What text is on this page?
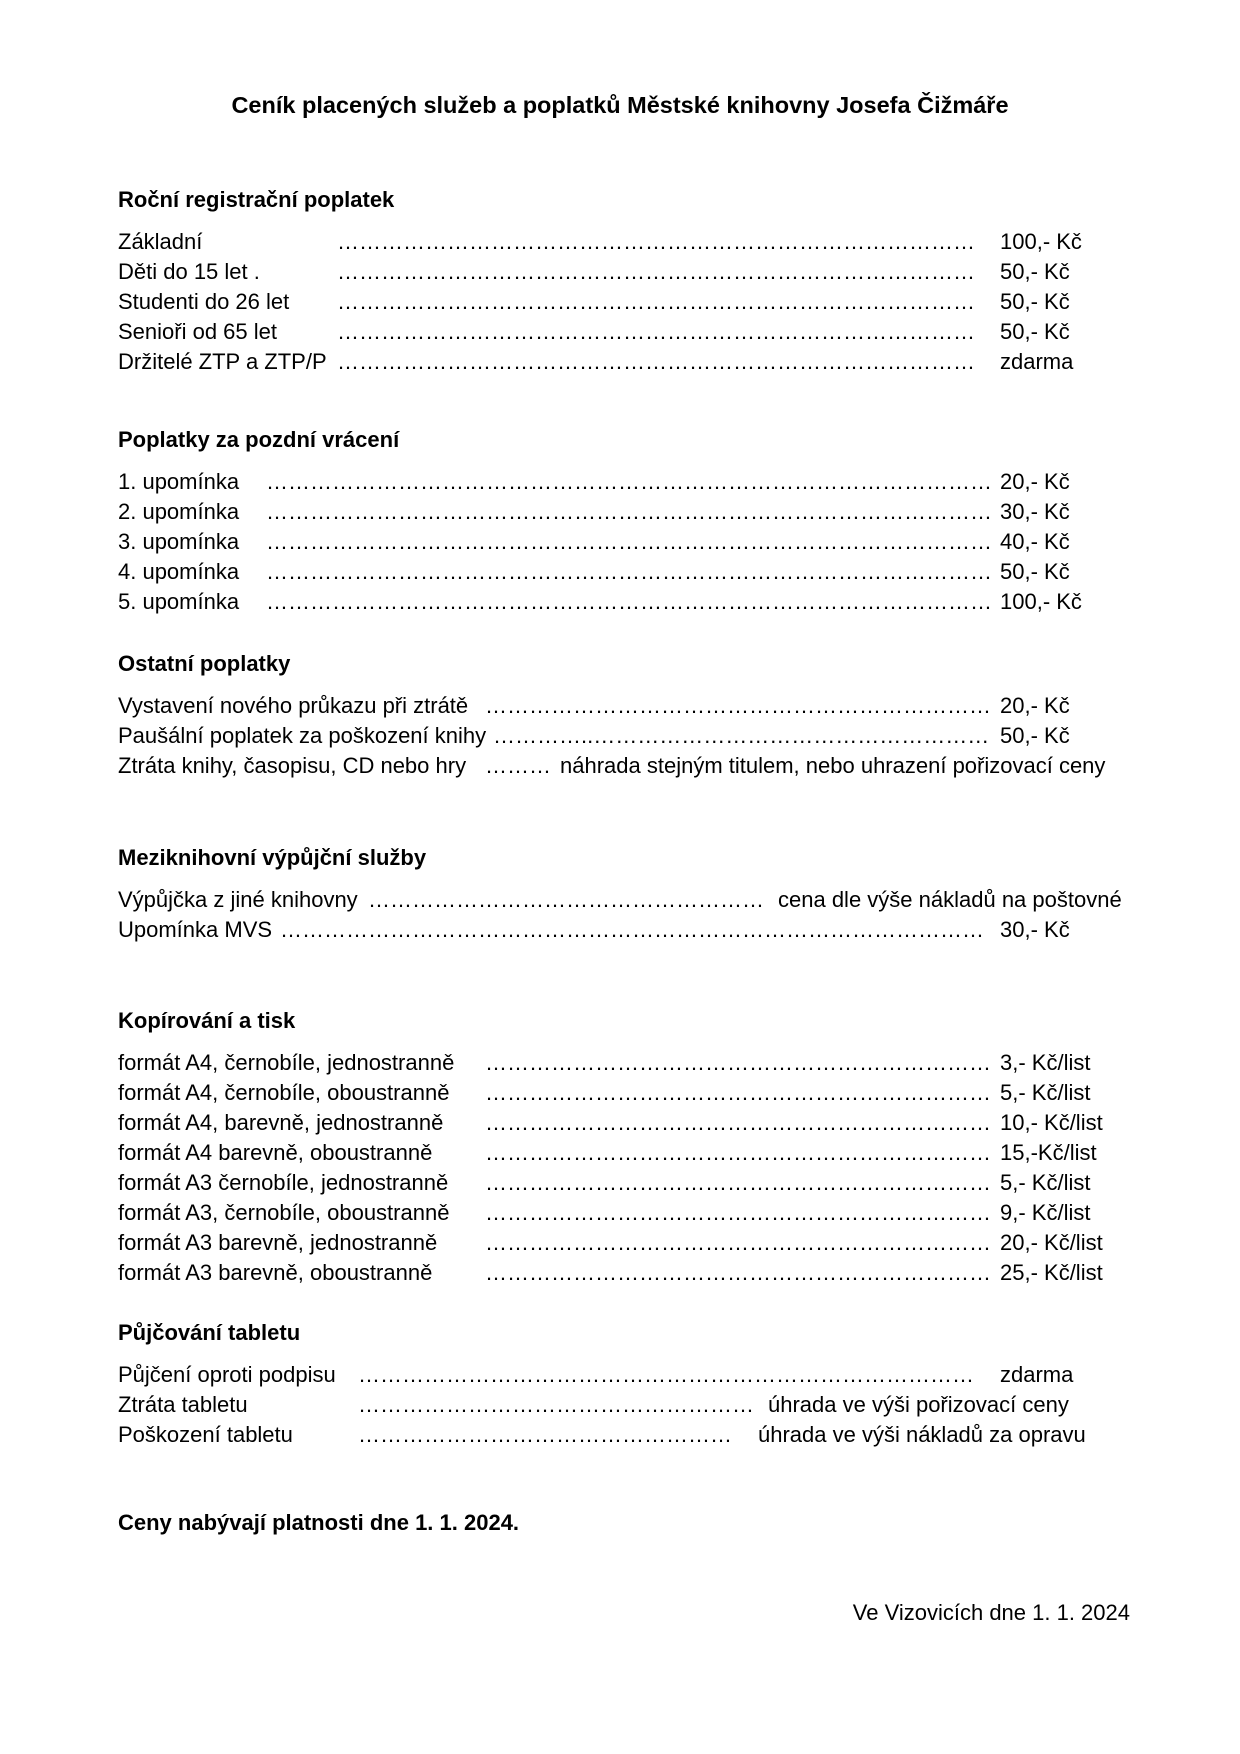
Ceník placených služeb a poplatků Městské knihovny Josefa Čižmáře
Roční registrační poplatek
Základní	…………………………………………………………………………… 100,- Kč
Děti do 15 let .	…………………………………………………………………………… 50,- Kč
Studenti do 26 let …………………………………………………………………………… 50,- Kč
Senioři od 65 let	…………………………………………………………………………… 50,- Kč
Držitelé ZTP a ZTP/P …………………………………………………………………………… zdarma
Poplatky za pozdní vrácení
1. upomínka ……………………………………………………………………………………… 20,- Kč
2. upomínka ……………………………………………………………………………………… 30,- Kč
3. upomínka ……………………………………………………………………………………… 40,- Kč
4. upomínka ……………………………………………………………………………………… 50,- Kč
5. upomínka ……………………………………………………………………………………… 100,- Kč
Ostatní poplatky
Vystavení nového průkazu při ztrátě …………………………………………………………… 20,- Kč
Paušální poplatek za poškození knihy …………..……………………………………………… 50,- Kč
Ztráta knihy, časopisu, CD nebo hry ……… náhrada stejným titulem, nebo uhrazení pořizovací ceny
Meziknihovní výpůjční služby
Výpůjčka z jiné knihovny ……………………………………………… cena dle výše nákladů na poštovné
Upomínka MVS …………………………………………………………………………………… 30,- Kč
Kopírování a tisk
formát A4, černobíle, jednostranně …………………………………………………………… 3,- Kč/list
formát A4, černobíle, oboustranně …………………………………………………………… 5,- Kč/list
formát A4, barevně, jednostranně …………………………………………………………… 10,- Kč/list
formát A4 barevně, oboustranně …………………………………………………………… 15,-Kč/list
formát A3 černobíle, jednostranně …………………………………………………………… 5,- Kč/list
formát A3, černobíle, oboustranně …………………………………………………………… 9,- Kč/list
formát A3 barevně, jednostranně …………………………………………………………… 20,- Kč/list
formát A3 barevně, oboustranně …………………………………………………………… 25,- Kč/list
Půjčování tabletu
Půjčení oproti podpisu ………………………………………………………………………… zdarma
Ztráta tabletu	……………………………………………… úhrada ve výši pořizovací ceny
Poškození tabletu	…………………………………………… úhrada ve výši nákladů za opravu
Ceny nabývají platnosti dne 1. 1. 2024.
Ve Vizovicích dne 1. 1. 2024
